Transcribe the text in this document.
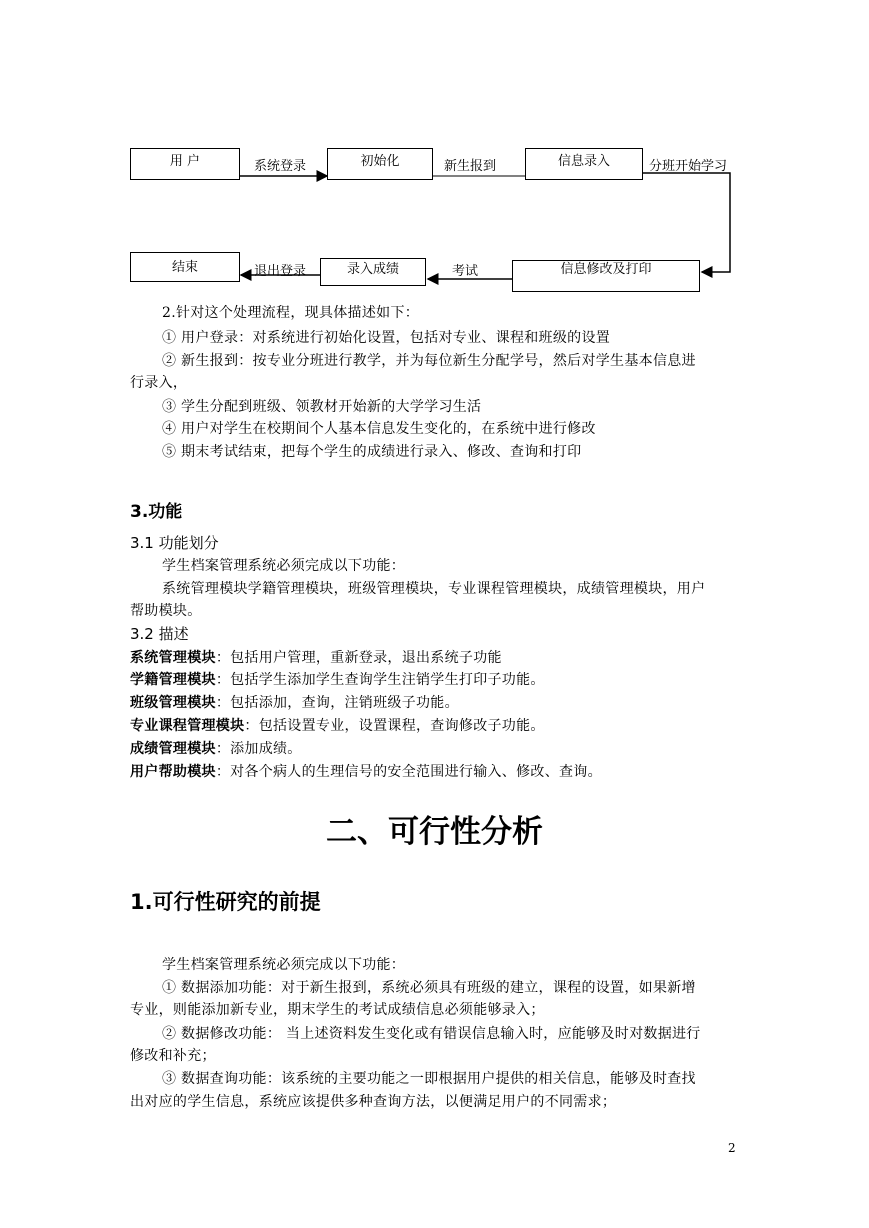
用 户	初始化	信息录入
信息修改及打印
录入成绩
结束
系统登录	新生报到	分班开始学习
考试
退出登录
2.针对这个处理流程，现具体描述如下：
① 用户登录：对系统进行初始化设置，包括对专业、课程和班级的设置
② 新生报到：按专业分班进行教学，并为每位新生分配学号，然后对学生基本信息进
行录入，
③ 学生分配到班级、领教材开始新的大学学习生活
④ 用户对学生在校期间个人基本信息发生变化的，在系统中进行修改
⑤ 期末考试结束，把每个学生的成绩进行录入、修改、查询和打印
3.功能
3.1 功能划分
学生档案管理系统必须完成以下功能：
系统管理模块学籍管理模块，班级管理模块，专业课程管理模块，成绩管理模块，用户
帮助模块。
3.2 描述
系统管理模块：包括用户管理，重新登录，退出系统子功能
学籍管理模块：包括学生添加学生查询学生注销学生打印子功能。
班级管理模块：包括添加，查询，注销班级子功能。
专业课程管理模块：包括设置专业，设置课程，查询修改子功能。
成绩管理模块：添加成绩。
用户帮助模块：对各个病人的生理信号的安全范围进行输入、修改、查询。
二、可行性分析
1.可行性研究的前提
学生档案管理系统必须完成以下功能：
① 数据添加功能：对于新生报到，系统必须具有班级的建立，课程的设置，如果新增
专业，则能添加新专业，期末学生的考试成绩信息必须能够录入；
② 数据修改功能： 当上述资料发生变化或有错误信息输入时，应能够及时对数据进行
修改和补充；
③ 数据查询功能：该系统的主要功能之一即根据用户提供的相关信息，能够及时查找
出对应的学生信息，系统应该提供多种查询方法，以便满足用户的不同需求；
2
